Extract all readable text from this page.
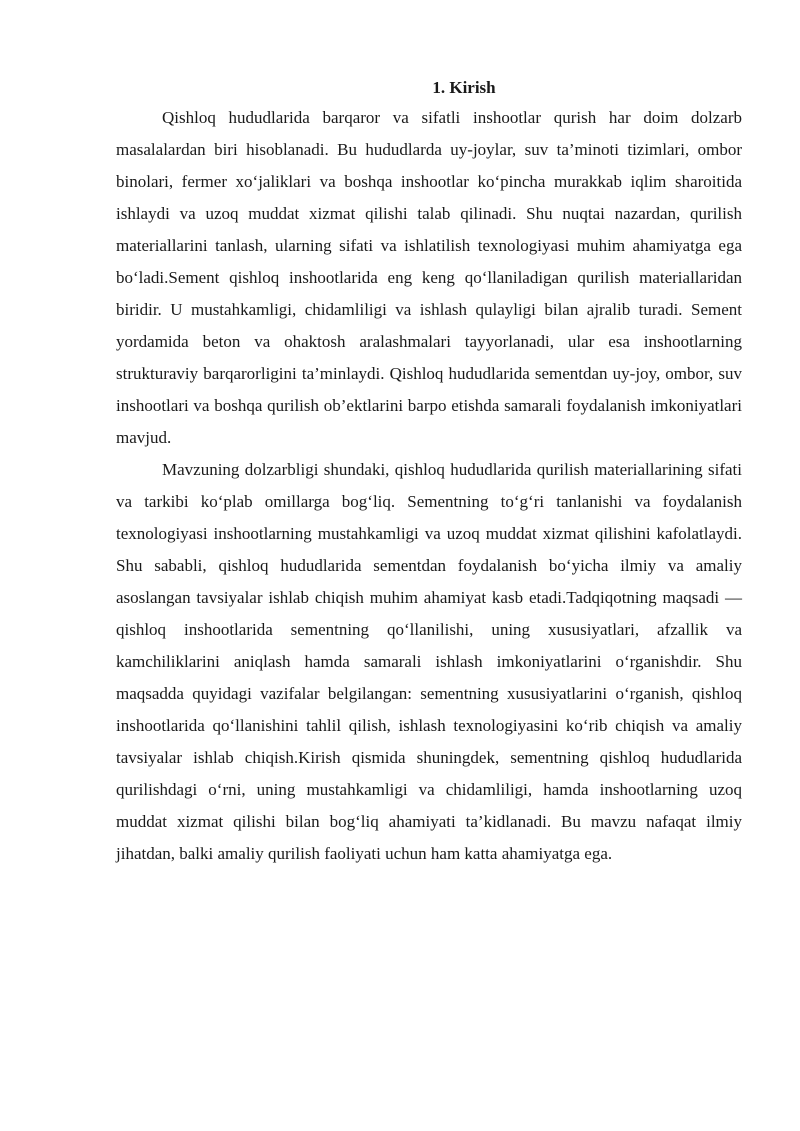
1. Kirish

Qishloq hududlarida barqaror va sifatli inshootlar qurish har doim dolzarb masalalardan biri hisoblanadi. Bu hududlarda uy-joylar, suv ta’minoti tizimlari, ombor binolari, fermer xo‘jaliklari va boshqa inshootlar ko‘pincha murakkab iqlim sharoitida ishlaydi va uzoq muddat xizmat qilishi talab qilinadi. Shu nuqtai nazardan, qurilish materiallarini tanlash, ularning sifati va ishlatilish texnologiyasi muhim ahamiyatga ega bo‘ladi.Sement qishloq inshootlarida eng keng qo‘llaniladigan qurilish materiallaridan biridir. U mustahkamligi, chidamliligi va ishlash qulayligi bilan ajralib turadi. Sement yordamida beton va ohaktosh aralashmalari tayyorlanadi, ular esa inshootlarning strukturaviy barqarorligini ta’minlaydi. Qishloq hududlarida sementdan uy-joy, ombor, suv inshootlari va boshqa qurilish ob’ektlarini barpo etishda samarali foydalanish imkoniyatlari mavjud.

Mavzuning dolzarbligi shundaki, qishloq hududlarida qurilish materiallarining sifati va tarkibi ko‘plab omillarga bog‘liq. Sementning to‘g‘ri tanlanishi va foydalanish texnologiyasi inshootlarning mustahkamligi va uzoq muddat xizmat qilishini kafolatlaydi. Shu sababli, qishloq hududlarida sementdan foydalanish bo‘yicha ilmiy va amaliy asoslangan tavsiyalar ishlab chiqish muhim ahamiyat kasb etadi.Tadqiqotning maqsadi — qishloq inshootlarida sementning qo‘llanilishi, uning xususiyatlari, afzallik va kamchiliklarini aniqlash hamda samarali ishlash imkoniyatlarini o‘rganishdir. Shu maqsadda quyidagi vazifalar belgilangan: sementning xususiyatlarini o‘rganish, qishloq inshootlarida qo‘llanishini tahlil qilish, ishlash texnologiyasini ko‘rib chiqish va amaliy tavsiyalar ishlab chiqish.Kirish qismida shuningdek, sementning qishloq hududlarida qurilishdagi o‘rni, uning mustahkamligi va chidamliligi, hamda inshootlarning uzoq muddat xizmat qilishi bilan bog‘liq ahamiyati ta’kidlanadi. Bu mavzu nafaqat ilmiy jihatdan, balki amaliy qurilish faoliyati uchun ham katta ahamiyatga ega.
